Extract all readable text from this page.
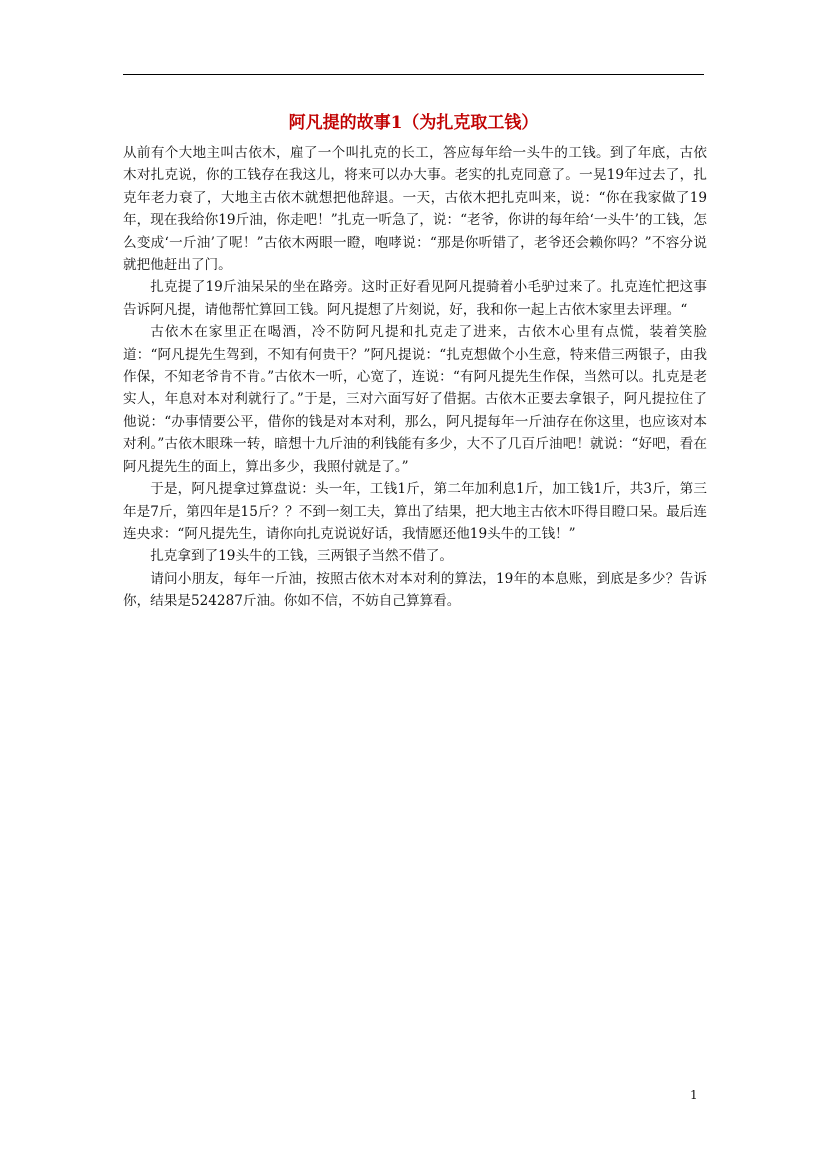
阿凡提的故事1（为扎克取工钱）

从前有个大地主叫古依木，雇了一个叫扎克的长工，答应每年给一头牛的工钱。到了年底，古依木对扎克说，你的工钱存在我这儿，将来可以办大事。老实的扎克同意了。一晃19年过去了，扎克年老力衰了，大地主古依木就想把他辞退。一天，古依木把扎克叫来，说：“你在我家做了19年，现在我给你19斤油，你走吧！”扎克一听急了，说：“老爷，你讲的每年给‘一头牛’的工钱，怎么变成‘一斤油’了呢！”古依木两眼一瞪，咆哮说：“那是你听错了，老爷还会赖你吗？”不容分说就把他赶出了门。

扎克提了19斤油呆呆的坐在路旁。这时正好看见阿凡提骑着小毛驴过来了。扎克连忙把这事告诉阿凡提，请他帮忙算回工钱。阿凡提想了片刻说，好，我和你一起上古依木家里去评理。“

古依木在家里正在喝酒，冷不防阿凡提和扎克走了进来，古依木心里有点慌，装着笑脸道：“阿凡提先生驾到，不知有何贵干？”阿凡提说：“扎克想做个小生意，特来借三两银子，由我作保，不知老爷肯不肯。”古依木一听，心宽了，连说：“有阿凡提先生作保，当然可以。扎克是老实人，年息对本对利就行了。”于是，三对六面写好了借据。古依木正要去拿银子，阿凡提拉住了他说：“办事情要公平，借你的钱是对本对利，那么，阿凡提每年一斤油存在你这里，也应该对本对利。”古依木眼珠一转，暗想十九斤油的利钱能有多少，大不了几百斤油吧！就说：“好吧，看在阿凡提先生的面上，算出多少，我照付就是了。”

于是，阿凡提拿过算盘说：头一年，工钱1斤，第二年加利息1斤，加工钱1斤，共3斤，第三年是7斤，第四年是15斤？？不到一刻工夫，算出了结果，把大地主古依木吓得目瞪口呆。最后连连央求：“阿凡提先生，请你向扎克说说好话，我情愿还他19头牛的工钱！”

扎克拿到了19头牛的工钱，三两银子当然不借了。

请问小朋友，每年一斤油，按照古依木对本对利的算法，19年的本息账，到底是多少？告诉你，结果是524287斤油。你如不信，不妨自己算算看。

1
